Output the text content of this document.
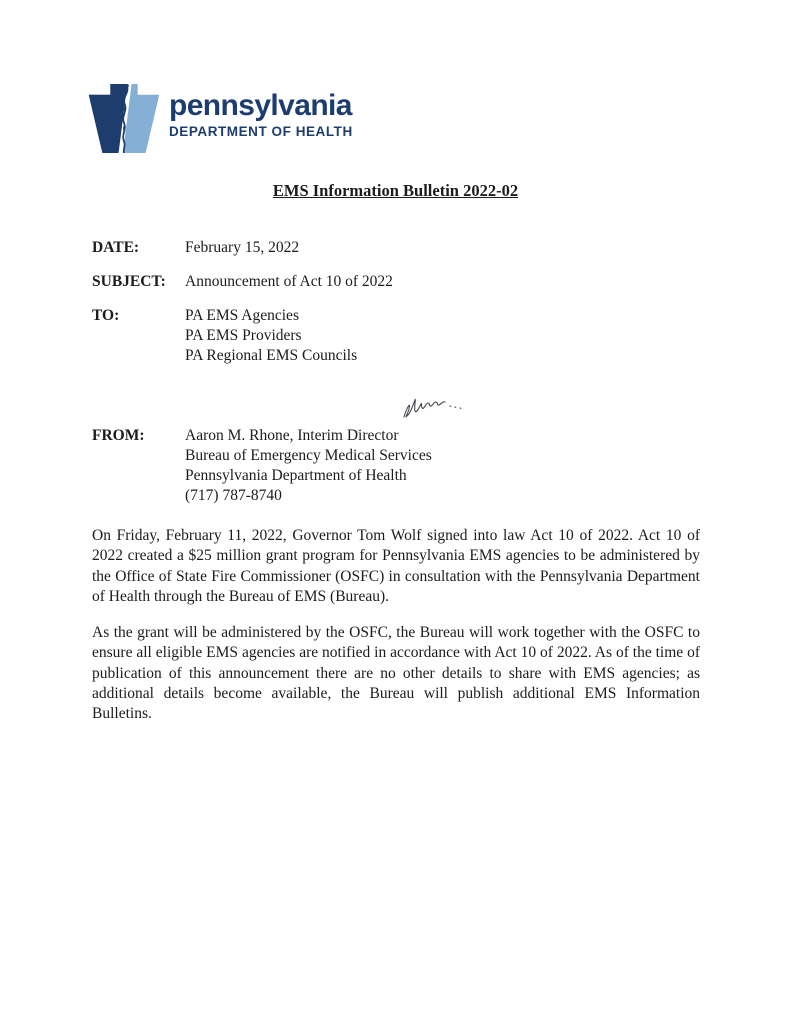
pennsylvania
DEPARTMENT OF HEALTH
EMS Information Bulletin 2022-02
DATE:	February 15, 2022
SUBJECT:	Announcement of Act 10 of 2022
TO:	PA EMS Agencies
PA EMS Providers
PA Regional EMS Councils
FROM:	Aaron M. Rhone, Interim Director
Bureau of Emergency Medical Services
Pennsylvania Department of Health
(717) 787-8740
On Friday, February 11, 2022, Governor Tom Wolf signed into law Act 10 of 2022. Act 10 of 2022 created a $25 million grant program for Pennsylvania EMS agencies to be administered by the Office of State Fire Commissioner (OSFC) in consultation with the Pennsylvania Department of Health through the Bureau of EMS (Bureau).
As the grant will be administered by the OSFC, the Bureau will work together with the OSFC to ensure all eligible EMS agencies are notified in accordance with Act 10 of 2022. As of the time of publication of this announcement there are no other details to share with EMS agencies; as additional details become available, the Bureau will publish additional EMS Information Bulletins.
